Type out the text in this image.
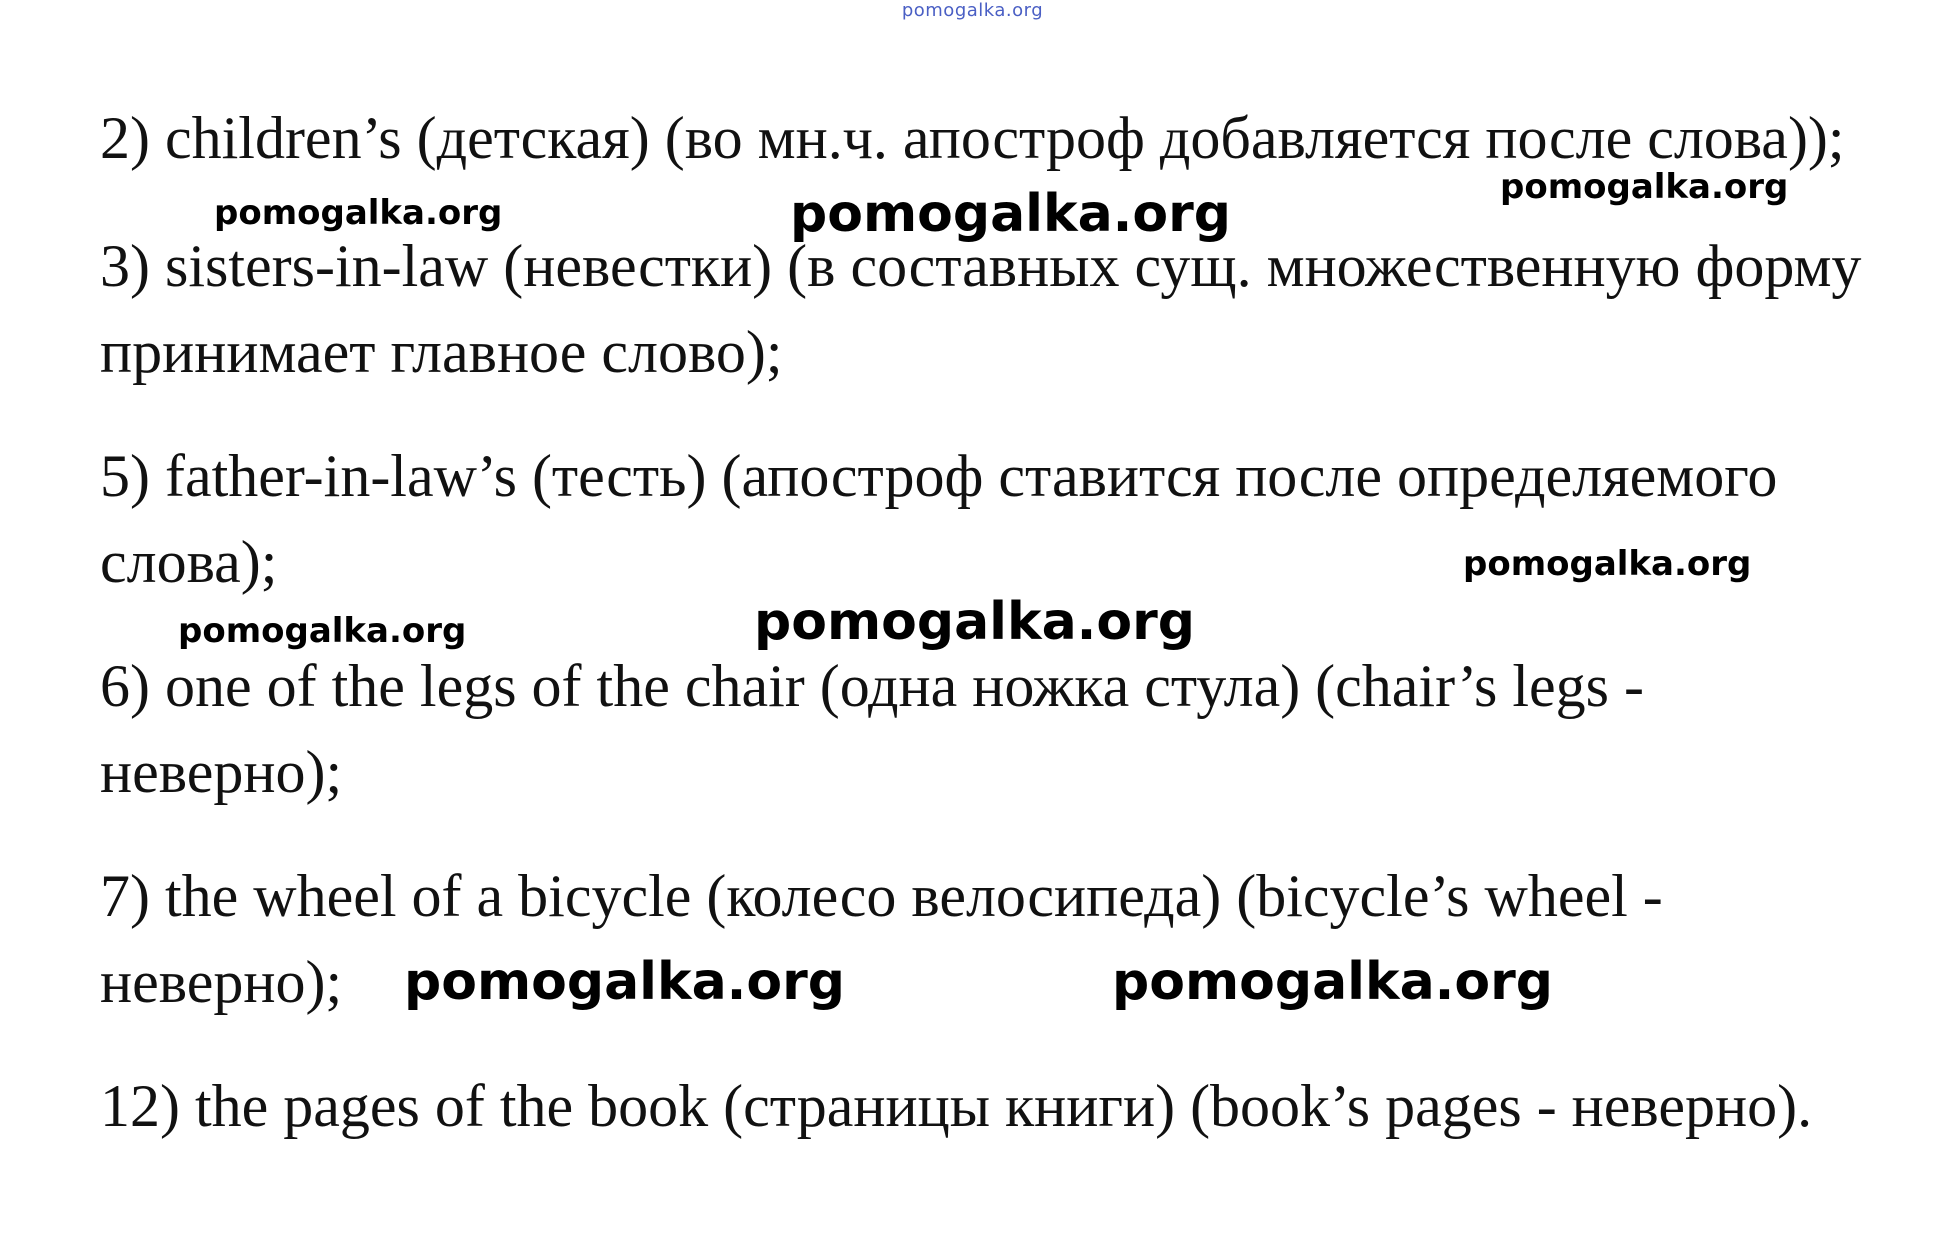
pomogalka.org
2) children’s (детская) (во мн.ч. апостроф добавляется после слова));
3) sisters-in-law (невестки) (в составных сущ. множественную форму
принимает главное слово);
5) father-in-law’s (тесть) (апостроф ставится после определяемого
слова);
6) one of the legs of the chair (одна ножка стула) (chair’s legs -
неверно);
7) the wheel of a bicycle (колесо велосипеда) (bicycle’s wheel -
неверно);
12) the pages of the book (страницы книги) (book’s pages - неверно).
pomogalka.org	pomogalka.org	pomogalka.org
pomogalka.org
pomogalka.org	pomogalka.org
pomogalka.org	pomogalka.org
